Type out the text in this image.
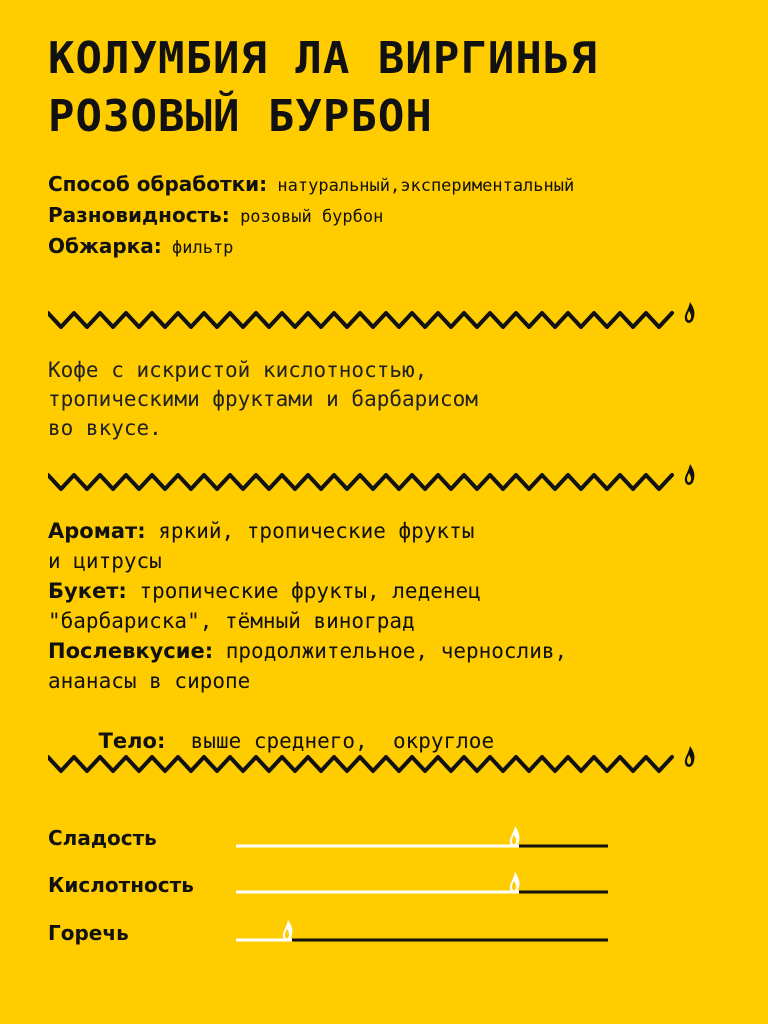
КОЛУМБИЯ ЛА ВИРГИНЬЯ
РОЗОВЫЙ БУРБОН
Способ обработки: натуральный,экспериментальный
Разновидность: розовый бурбон
Обжарка: фильтр
Кофе с искристой кислотностью,
тропическими фруктами и барбарисом
во вкусе.
Аромат: яркий, тропические фрукты
и цитрусы
Букет: тропические фрукты, леденец
"барбариска", тёмный виноград
Послевкусие: продолжительное, чернослив,
ананасы в сиропе

Тело: выше среднего,  округлое

Сладость
Кислотность
Горечь
